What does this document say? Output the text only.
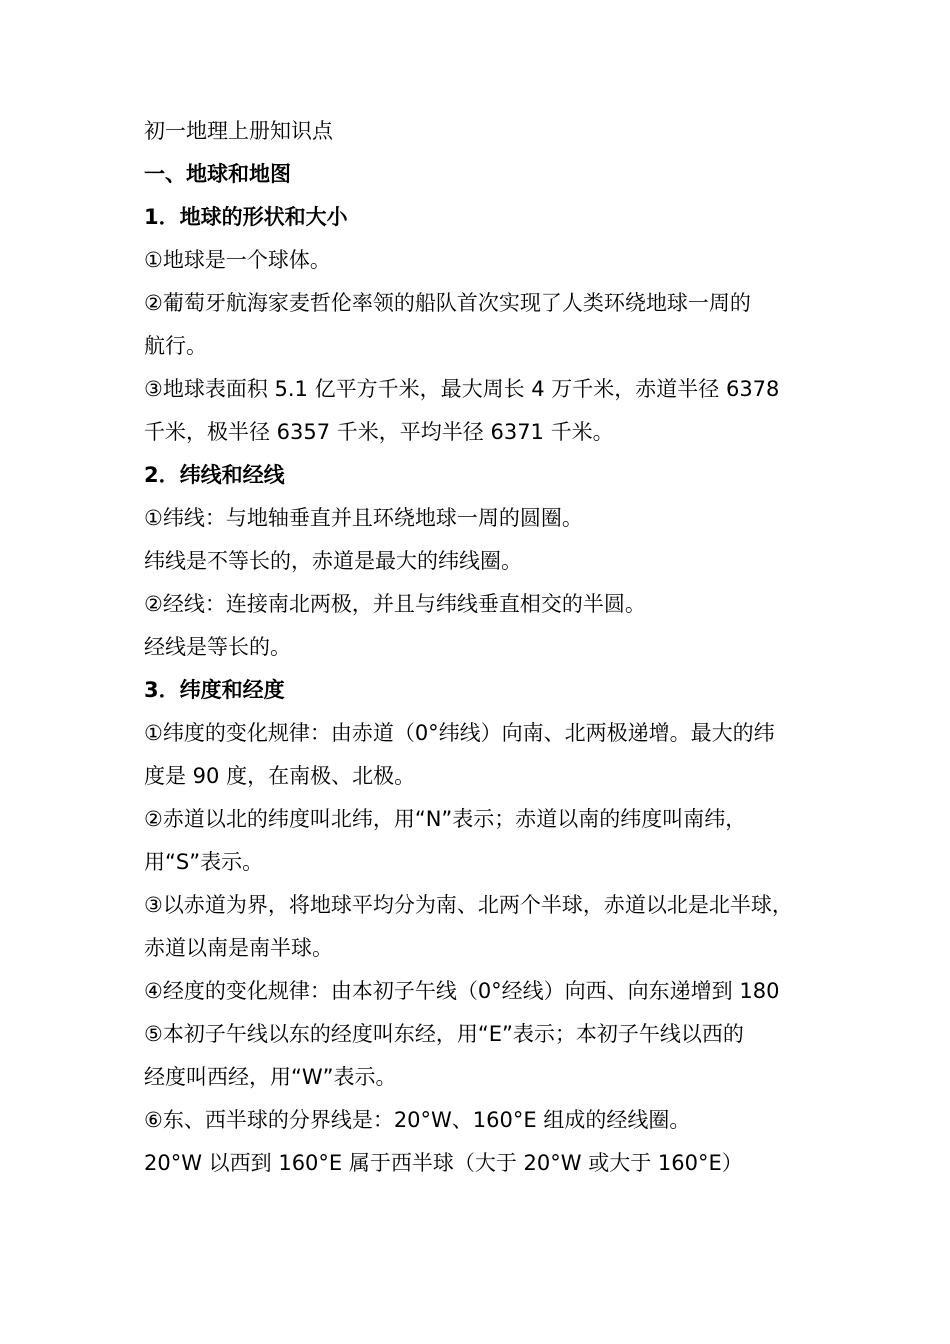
初一地理上册知识点

一、地球和地图

1．地球的形状和大小

①地球是一个球体。

②葡萄牙航海家麦哲伦率领的船队首次实现了人类环绕地球一周的

航行。

③地球表面积 5.1 亿平方千米，最大周长 4 万千米，赤道半径 6378

千米，极半径 6357 千米，平均半径 6371 千米。

2．纬线和经线

①纬线：与地轴垂直并且环绕地球一周的圆圈。

纬线是不等长的，赤道是最大的纬线圈。

②经线：连接南北两极，并且与纬线垂直相交的半圆。

经线是等长的。

3．纬度和经度

①纬度的变化规律：由赤道（0°纬线）向南、北两极递增。最大的纬

度是 90 度，在南极、北极。

②赤道以北的纬度叫北纬，用“N”表示；赤道以南的纬度叫南纬，

用“S”表示。

③以赤道为界，将地球平均分为南、北两个半球，赤道以北是北半球，

赤道以南是南半球。

④经度的变化规律：由本初子午线（0°经线）向西、向东递增到 180

⑤本初子午线以东的经度叫东经，用“E”表示；本初子午线以西的

经度叫西经，用“W”表示。

⑥东、西半球的分界线是：20°W、160°E 组成的经线圈。

20°W 以西到 160°E 属于西半球（大于 20°W 或大于 160°E）
